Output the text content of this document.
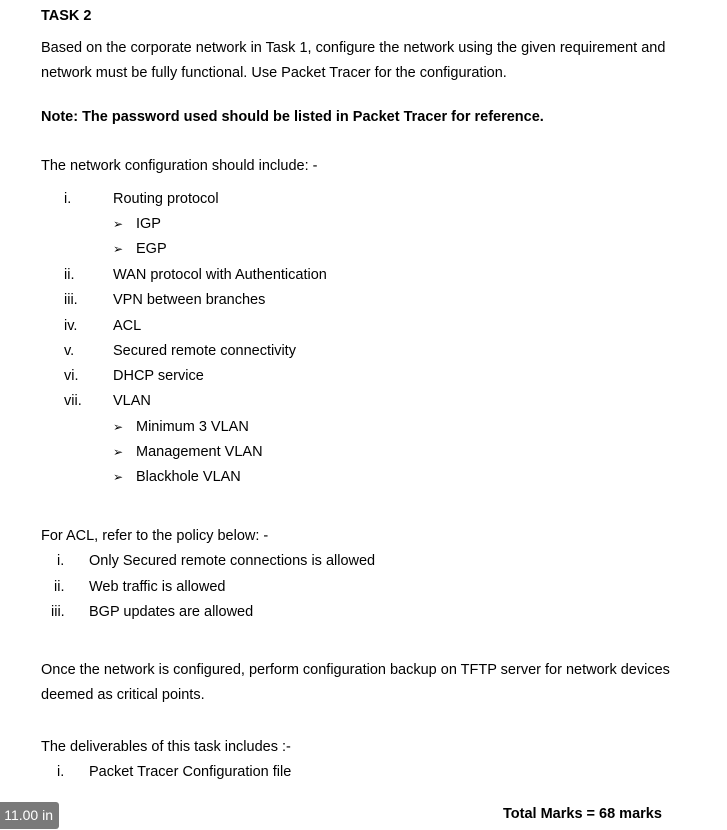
TASK 2
Based on the corporate network in Task 1, configure the network using the given requirement and network must be fully functional. Use Packet Tracer for the configuration.
Note: The password used should be listed in Packet Tracer for reference.
The network configuration should include: -
i.	Routing protocol
➢ IGP
➢ EGP
ii.	WAN protocol with Authentication
iii. VPN between branches
iv. ACL
v.	Secured remote connectivity
vi. DHCP service
vii. VLAN
➢ Minimum 3 VLAN
➢ Management VLAN
➢ Blackhole VLAN
For ACL, refer to the policy below: -
i. Only Secured remote connections is allowed
ii. Web traffic is allowed
iii. BGP updates are allowed
Once the network is configured, perform configuration backup on TFTP server for network devices deemed as critical points.
The deliverables of this task includes :-
i. Packet Tracer Configuration file
11.00 in	Total Marks = 68 marks
